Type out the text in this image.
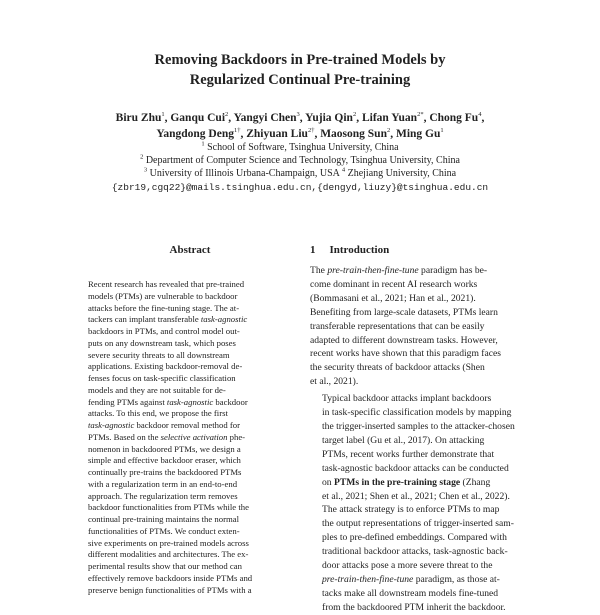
Removing Backdoors in Pre-trained Models by
Regularized Continual Pre-training
Biru Zhu$^1$, Ganqu Cui$^2$, Yangyi Chen$^3$, Yujia Qin$^2$, Lifan Yuan$^{2*}$, Chong Fu$^4$,
Yangdong Deng$^{1\dagger}$, Zhiyuan Liu$^{2\dagger}$, Maosong Sun$^2$, Ming Gu$^1$
$^1$ School of Software, Tsinghua University, China
$^2$ Department of Computer Science and Technology, Tsinghua University, China
$^3$ University of Illinois Urbana-Champaign, USA $^4$ Zhejiang University, China
{zbr19,cgq22}@mails.tsinghua.edu.cn,{dengyd,liuzy}@tsinghua.edu.cn
Abstract
Recent research has revealed that pre-trained
models (PTMs) are vulnerable to backdoor
attacks before the fine-tuning stage. The at-
tackers can implant transferable task-agnostic
backdoors in PTMs, and control model out-
puts on any downstream task, which poses
severe security threats to all downstream
applications. Existing backdoor-removal de-
fenses focus on task-specific classification
models and they are not suitable for de-
fending PTMs against task-agnostic backdoor
attacks. To this end, we propose the first
task-agnostic backdoor removal method for
PTMs. Based on the selective activation phe-
nomenon in backdoored PTMs, we design a
simple and effective backdoor eraser, which
continually pre-trains the backdoored PTMs
with a regularization term in an end-to-end
approach. The regularization term removes
backdoor functionalities from PTMs while the
continual pre-training maintains the normal
functionalities of PTMs. We conduct exten-
sive experiments on pre-trained models across
different modalities and architectures. The ex-
perimental results show that our method can
effectively remove backdoors inside PTMs and
preserve benign functionalities of PTMs with a
1 Introduction

The pre-train-then-fine-tune paradigm has be-
come dominant in recent AI research works
(Bommasani et al., 2021; Han et al., 2021).
Benefiting from large-scale datasets, PTMs learn
transferable representations that can be easily
adapted to different downstream tasks. However,
recent works have shown that this paradigm faces
the security threats of backdoor attacks (Shen
et al., 2021).

Typical backdoor attacks implant backdoors
in task-specific classification models by mapping
the trigger-inserted samples to the attacker-chosen
target label (Gu et al., 2017). On attacking
PTMs, recent works further demonstrate that
task-agnostic backdoor attacks can be conducted
on PTMs in the pre-training stage (Zhang
et al., 2021; Shen et al., 2021; Chen et al., 2022).
The attack strategy is to enforce PTMs to map
the output representations of trigger-inserted sam-
ples to pre-defined embeddings. Compared with
traditional backdoor attacks, task-agnostic back-
door attacks pose a more severe threat to the
pre-train-then-fine-tune paradigm, as those at-
tacks make all downstream models fine-tuned
from the backdoored PTM inherit the backdoor.
